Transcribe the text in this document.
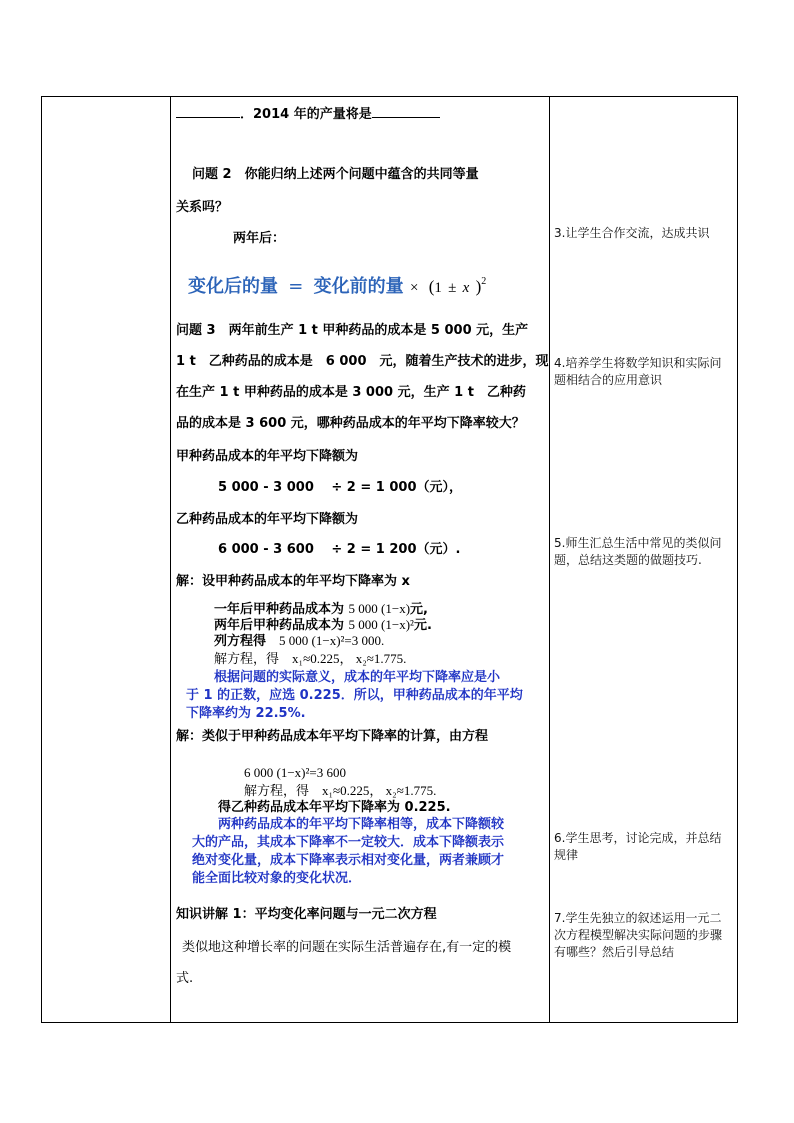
．2014 年的产量将是
问题 2　你能归纳上述两个问题中蕴含的共同等量
关系吗？
两年后：
变化后的量 = 变化前的量 × (1 ± x )$^2$
问题 3　两年前生产 1 t 甲种药品的成本是 5 000 元，生产
1 t　乙种药品的成本是　6 000　元，随着生产技术的进步，现
在生产 1 t 甲种药品的成本是 3 000 元，生产 1 t　乙种药
品的成本是 3 600 元，哪种药品成本的年平均下降率较大？
甲种药品成本的年平均下降额为
5 000 - 3 000　 ÷ 2 = 1 000（元），
乙种药品成本的年平均下降额为
6 000 - 3 600　 ÷ 2 = 1 200（元）.
解：设甲种药品成本的年平均下降率为 x
一年后甲种药品成本为 5 000 (1−x)元,
两年后甲种药品成本为 5 000 (1−x)²元.
列方程得　 5 000 (1−x)²=3 000.
解方程，得　 x₁≈0.225， x₂≈1.775.
根据问题的实际意义，成本的年平均下降率应是小
于 1 的正数，应选 0.225．所以，甲种药品成本的年平均
下降率约为 22.5%.
解：类似于甲种药品成本年平均下降率的计算，由方程
6 000 (1−x)²=3 600
解方程，得　x₁≈0.225， x₂≈1.775.
得乙种药品成本年平均下降率为 0.225.
两种药品成本的年平均下降率相等，成本下降额较
大的产品，其成本下降率不一定较大．成本下降额表示
绝对变化量，成本下降率表示相对变化量，两者兼顾才
能全面比较对象的变化状况．
知识讲解 1：平均变化率问题与一元二次方程
类似地这种增长率的问题在实际生活普遍存在,有一定的模
式.
3.让学生合作交流，达成共识
4.培养学生将数学知识和实际问题相结合的应用意识
5.师生汇总生活中常见的类似问题，总结这类题的做题技巧.
6.学生思考，讨论完成，并总结规律
7.学生先独立的叙述运用一元二次方程模型解决实际问题的步骤有哪些？然后引导总结
